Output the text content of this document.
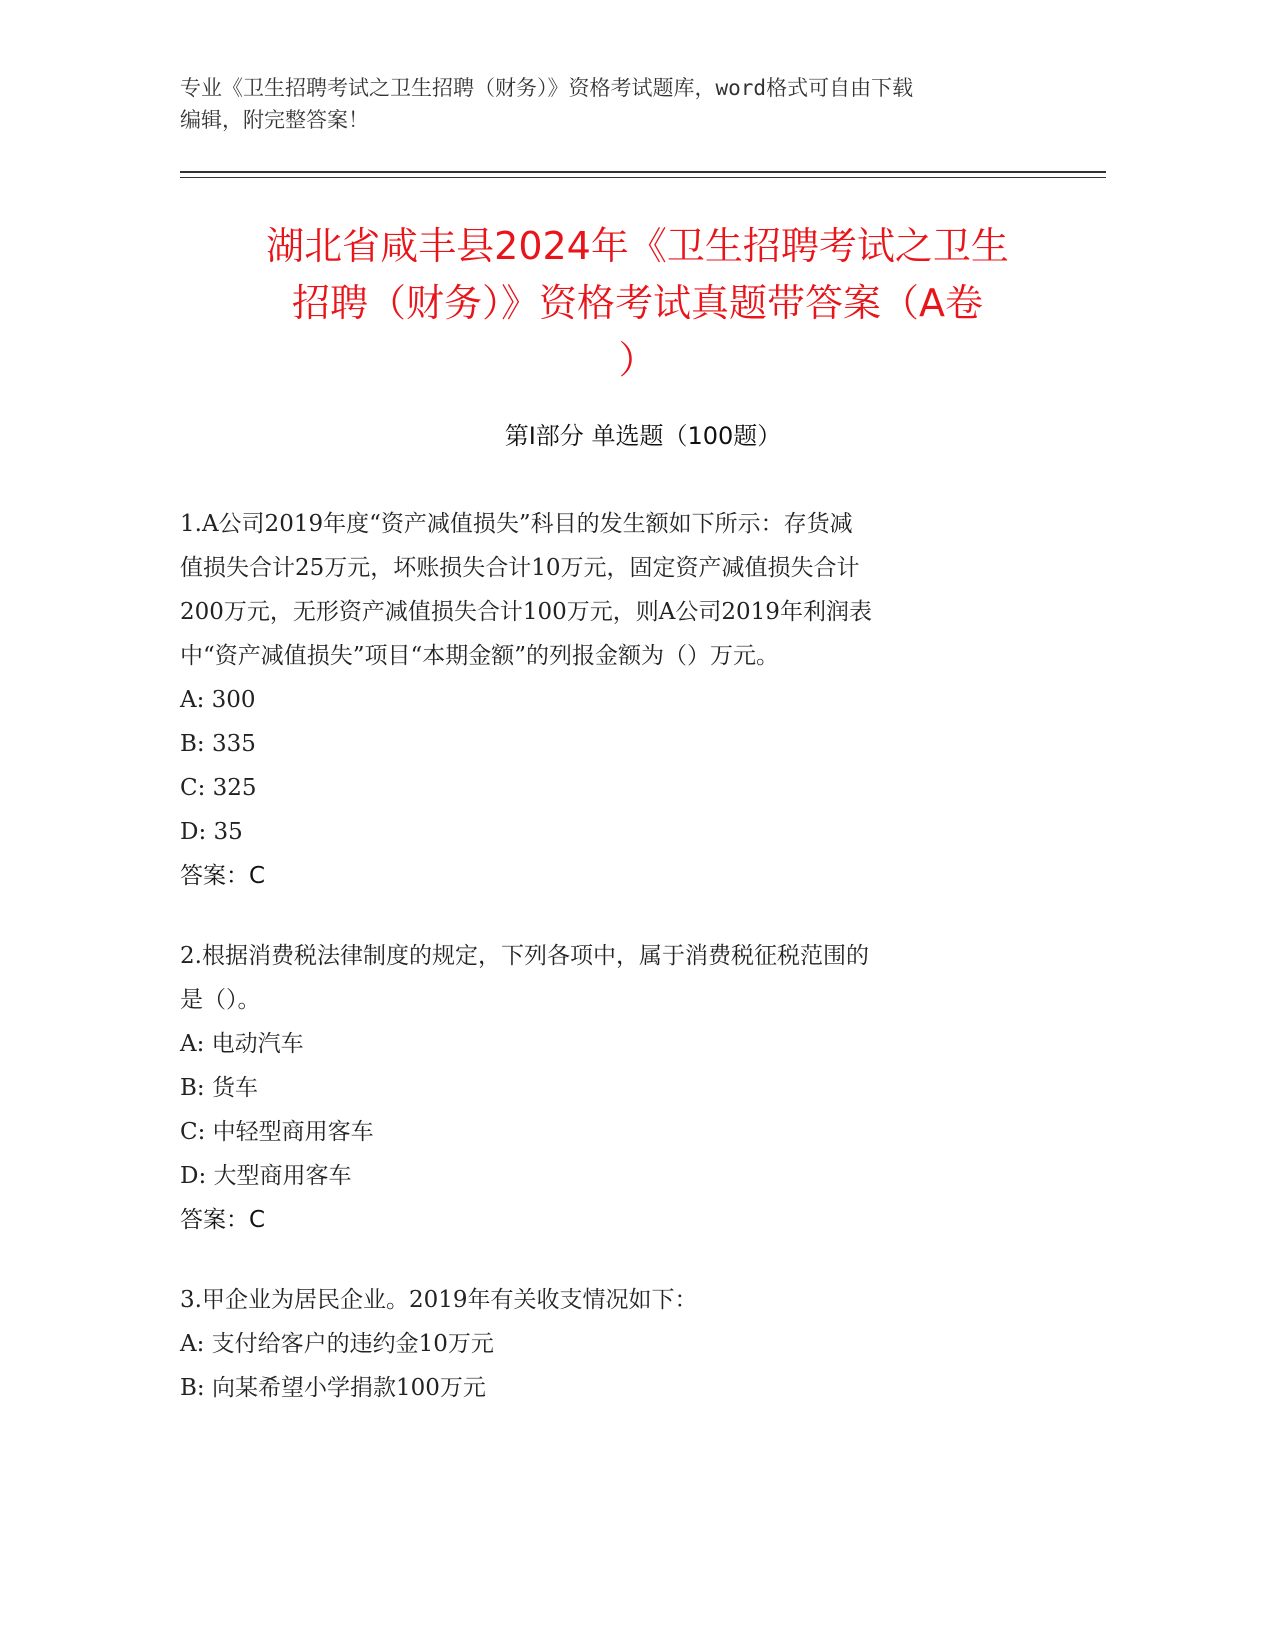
专业《卫生招聘考试之卫生招聘（财务）》资格考试题库，word格式可自由下载

编辑，附完整答案！

湖北省咸丰县2024年《卫生招聘考试之卫生
招聘（财务）》资格考试真题带答案（A卷
）
第I部分 单选题（100题）
1.A公司2019年度“资产减值损失”科目的发生额如下所示：存货减
值损失合计25万元，坏账损失合计10万元，固定资产减值损失合计
200万元，无形资产减值损失合计100万元，则A公司2019年利润表
中“资产减值损失”项目“本期金额”的列报金额为（）万元。
A: 300
B: 335
C: 325
D: 35
答案：C
2.根据消费税法律制度的规定，下列各项中，属于消费税征税范围的
是（）。
A: 电动汽车
B: 货车
C: 中轻型商用客车
D: 大型商用客车
答案：C
3.甲企业为居民企业。2019年有关收支情况如下：
A: 支付给客户的违约金10万元
B: 向某希望小学捐款100万元
